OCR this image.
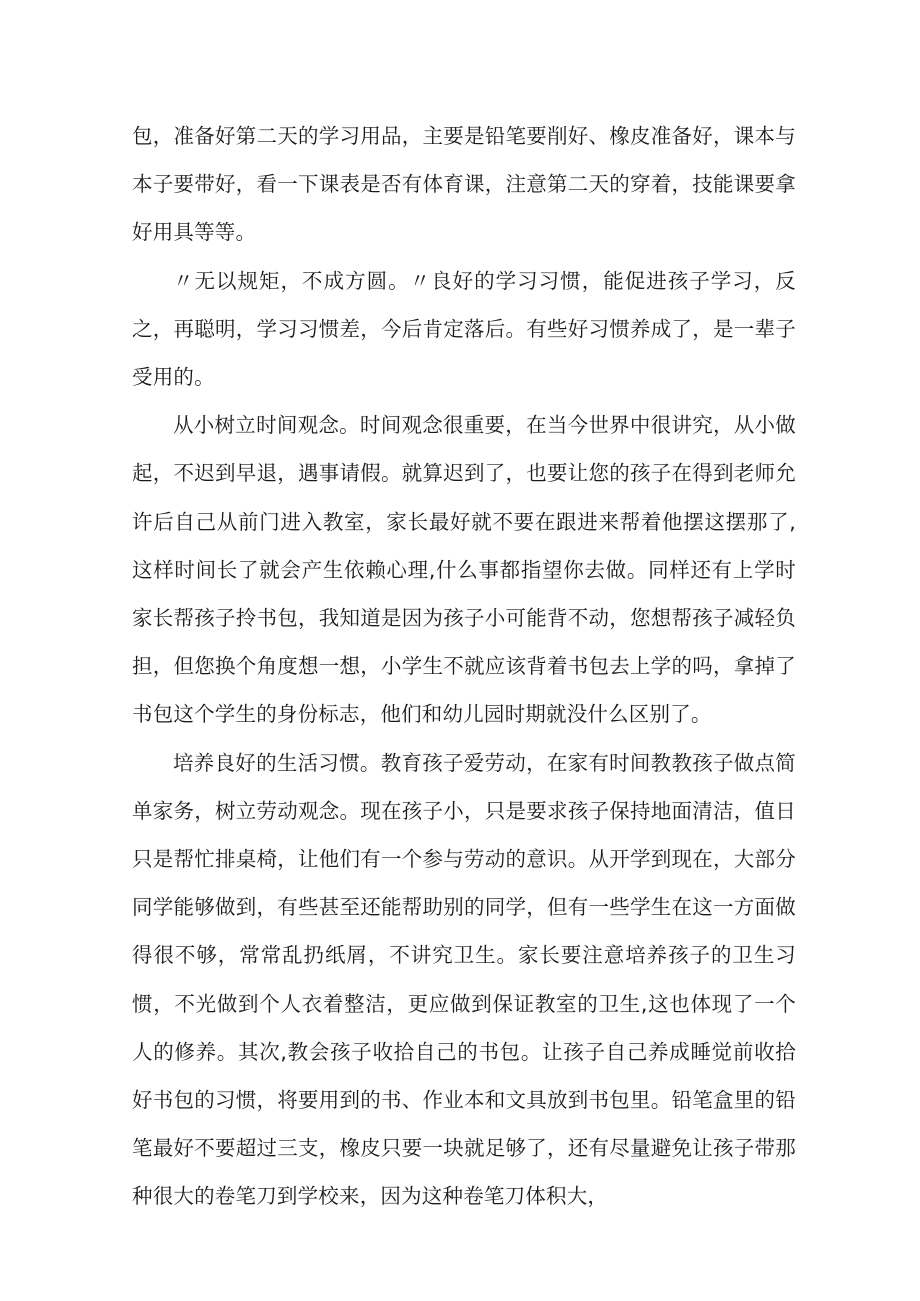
包，准备好第二天的学习用品，主要是铅笔要削好、橡皮准备好，课本与本子要带好，看一下课表是否有体育课，注意第二天的穿着，技能课要拿好用具等等。

〃无以规矩，不成方圆。〃良好的学习习惯，能促进孩子学习，反之，再聪明，学习习惯差，今后肯定落后。有些好习惯养成了，是一辈子受用的。

从小树立时间观念。时间观念很重要，在当今世界中很讲究，从小做起，不迟到早退，遇事请假。就算迟到了，也要让您的孩子在得到老师允许后自己从前门进入教室，家长最好就不要在跟进来帮着他摆这摆那了,这样时间长了就会产生依赖心理,什么事都指望你去做。同样还有上学时家长帮孩子拎书包，我知道是因为孩子小可能背不动，您想帮孩子减轻负担，但您换个角度想一想，小学生不就应该背着书包去上学的吗，拿掉了书包这个学生的身份标志，他们和幼儿园时期就没什么区别了。

培养良好的生活习惯。教育孩子爱劳动，在家有时间教教孩子做点简单家务，树立劳动观念。现在孩子小，只是要求孩子保持地面清洁，值日只是帮忙排桌椅，让他们有一个参与劳动的意识。从开学到现在，大部分同学能够做到，有些甚至还能帮助别的同学，但有一些学生在这一方面做得很不够，常常乱扔纸屑，不讲究卫生。家长要注意培养孩子的卫生习惯，不光做到个人衣着整洁，更应做到保证教室的卫生,这也体现了一个人的修养。其次,教会孩子收拾自己的书包。让孩子自己养成睡觉前收拾好书包的习惯，将要用到的书、作业本和文具放到书包里。铅笔盒里的铅笔最好不要超过三支，橡皮只要一块就足够了，还有尽量避免让孩子带那种很大的卷笔刀到学校来，因为这种卷笔刀体积大，
